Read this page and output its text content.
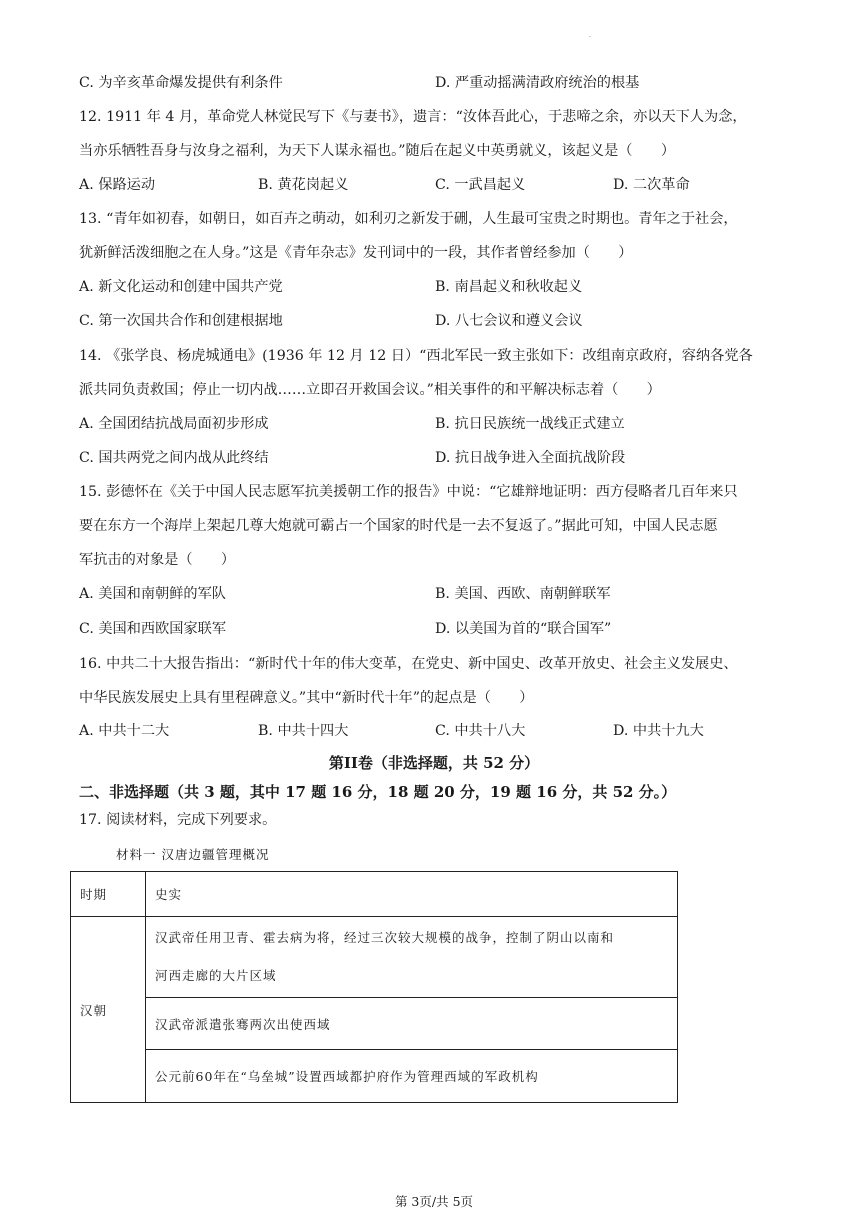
·
C. 为辛亥革命爆发提供有利条件	D. 严重动摇满清政府统治的根基
12. 1911 年 4 月，革命党人林觉民写下《与妻书》，遗言：“汝体吾此心，于悲啼之余，亦以天下人为念，
当亦乐牺牲吾身与汝身之福利，为天下人谋永福也。”随后在起义中英勇就义，该起义是（　　）
A. 保路运动	B. 黄花岗起义	C. 一武昌起义	D. 二次革命
13. “青年如初春，如朝日，如百卉之萌动，如利刃之新发于硎，人生最可宝贵之时期也。青年之于社会，
犹新鲜活泼细胞之在人身。”这是《青年杂志》发刊词中的一段，其作者曾经参加（　　）
A. 新文化运动和创建中国共产党	B. 南昌起义和秋收起义
C. 第一次国共合作和创建根据地	D. 八七会议和遵义会议
14. 《张学良、杨虎城通电》(1936 年 12 月 12 日）“西北军民一致主张如下：改组南京政府，容纳各党各
派共同负责救国；停止一切内战……立即召开救国会议。”相关事件的和平解决标志着（　　）
A. 全国团结抗战局面初步形成	B. 抗日民族统一战线正式建立
C. 国共两党之间内战从此终结	D. 抗日战争进入全面抗战阶段
15. 彭德怀在《关于中国人民志愿军抗美援朝工作的报告》中说：“它雄辩地证明：西方侵略者几百年来只
要在东方一个海岸上架起几尊大炮就可霸占一个国家的时代是一去不复返了。”据此可知，中国人民志愿
军抗击的对象是（　　）
A. 美国和南朝鲜的军队	B. 美国、西欧、南朝鲜联军
C. 美国和西欧国家联军	D. 以美国为首的“联合国军”
16. 中共二十大报告指出：“新时代十年的伟大变革，在党史、新中国史、改革开放史、社会主义发展史、
中华民族发展史上具有里程碑意义。”其中“新时代十年”的起点是（　　）
A. 中共十二大	B. 中共十四大	C. 中共十八大	D. 中共十九大
第II卷（非选择题，共 52 分）
二、非选择题（共 3 题，其中 17 题 16 分，18 题 20 分，19 题 16 分，共 52 分。）
17. 阅读材料，完成下列要求。
材料一 汉唐边疆管理概况
时期	史实
汉朝	汉武帝任用卫青、霍去病为将，经过三次较大规模的战争，控制了阴山以南和
河西走廊的大片区域

	汉武帝派遣张骞两次出使西域
	公元前60年在“乌垒城”设置西域都护府作为管理西域的军政机构
第 3页/共 5页
